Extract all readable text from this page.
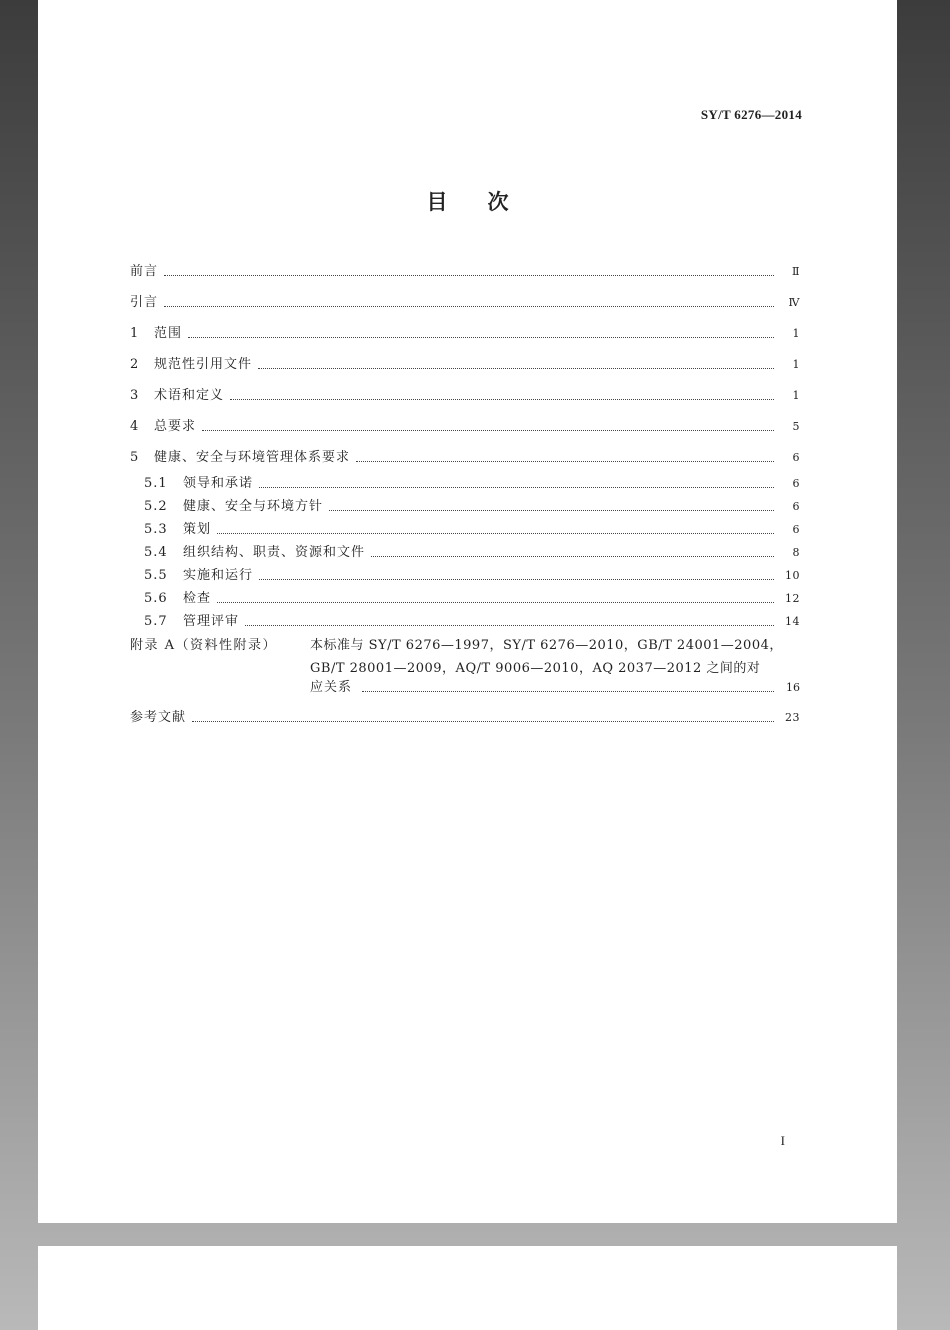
SY/T 6276—2014
目次
前言	Ⅱ
引言	Ⅳ
1	范围	1
2	规范性引用文件	1
3	术语和定义	1
4	总要求	5
5	健康、安全与环境管理体系要求	6
5.1	领导和承诺	6
5.2	健康、安全与环境方针	6
5.3	策划	6
5.4	组织结构、职责、资源和文件	8
5.5	实施和运行	10
5.6	检查	12
5.7	管理评审	14
附录 A（资料性附录）	本标准与 SY/T 6276—1997，SY/T 6276—2010，GB/T 24001—2004，GB/T 28001—2009，AQ/T 9006—2010，AQ 2037—2012 之间的对
应关系	16
参考文献	23
I
